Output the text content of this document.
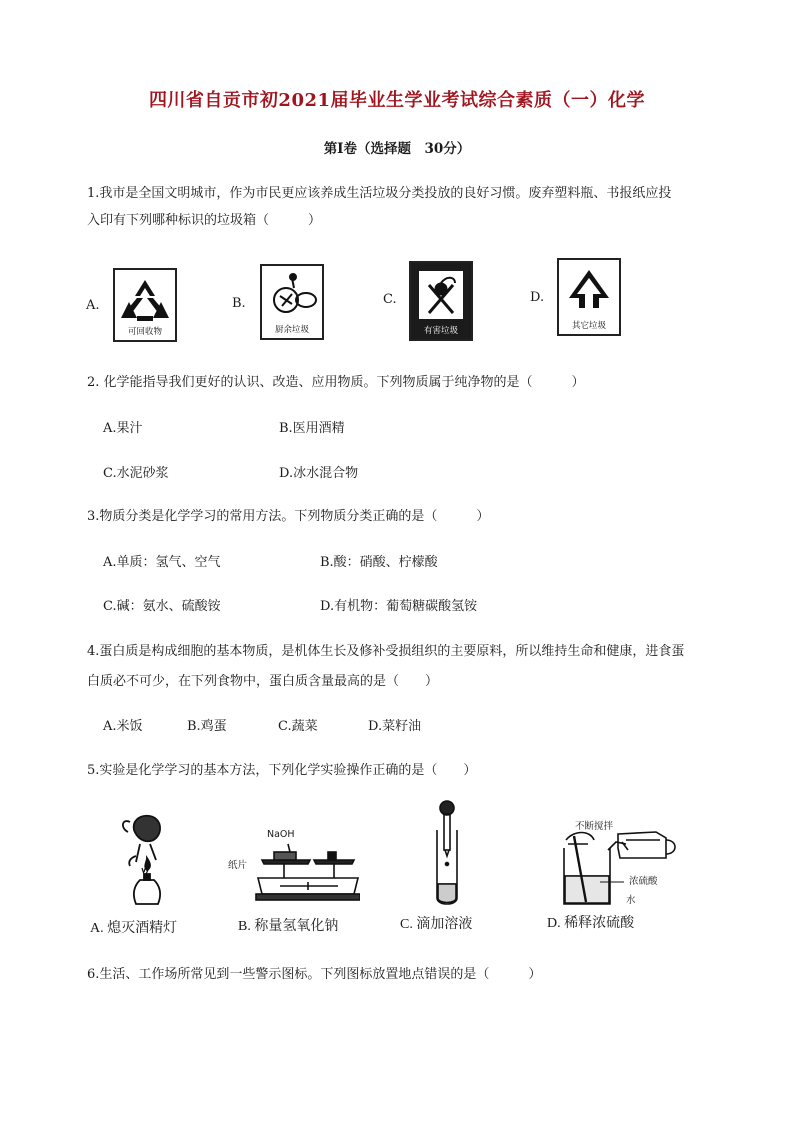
四川省自贡市初2021届毕业生学业考试综合素质（一）化学
第Ⅰ卷（选择题　30分）
1.我市是全国文明城市，作为市民更应该养成生活垃圾分类投放的良好习惯。废弃塑料瓶、书报纸应投
入印有下列哪种标识的垃圾箱（　　　）
A.
可回收物
B.
厨余垃圾
C.
有害垃圾
D.
其它垃圾
2. 化学能指导我们更好的认识、改造、应用物质。下列物质属于纯净物的是（　　　）
A.果汁	B.医用酒精
C.水泥砂浆	D.冰水混合物
3.物质分类是化学学习的常用方法。下列物质分类正确的是（　　　）
A.单质：氢气、空气	B.酸：硝酸、柠檬酸
C.碱：氨水、硫酸铵	D.有机物：葡萄糖碳酸氢铵
4.蛋白质是构成细胞的基本物质，是机体生长及修补受损组织的主要原料，所以维持生命和健康，进食蛋
白质必不可少，在下列食物中，蛋白质含量最高的是（　　）
A.米饭	B.鸡蛋	C.蔬菜	D.菜籽油
5.实验是化学学习的基本方法，下列化学实验操作正确的是（　　）
A. 熄灭酒精灯
NaOH
纸片
B. 称量氢氧化钠	C. 滴加溶液
不断搅拌
浓硫酸
水
D. 稀释浓硫酸
6.生活、工作场所常见到一些警示图标。下列图标放置地点错误的是（　　　）
